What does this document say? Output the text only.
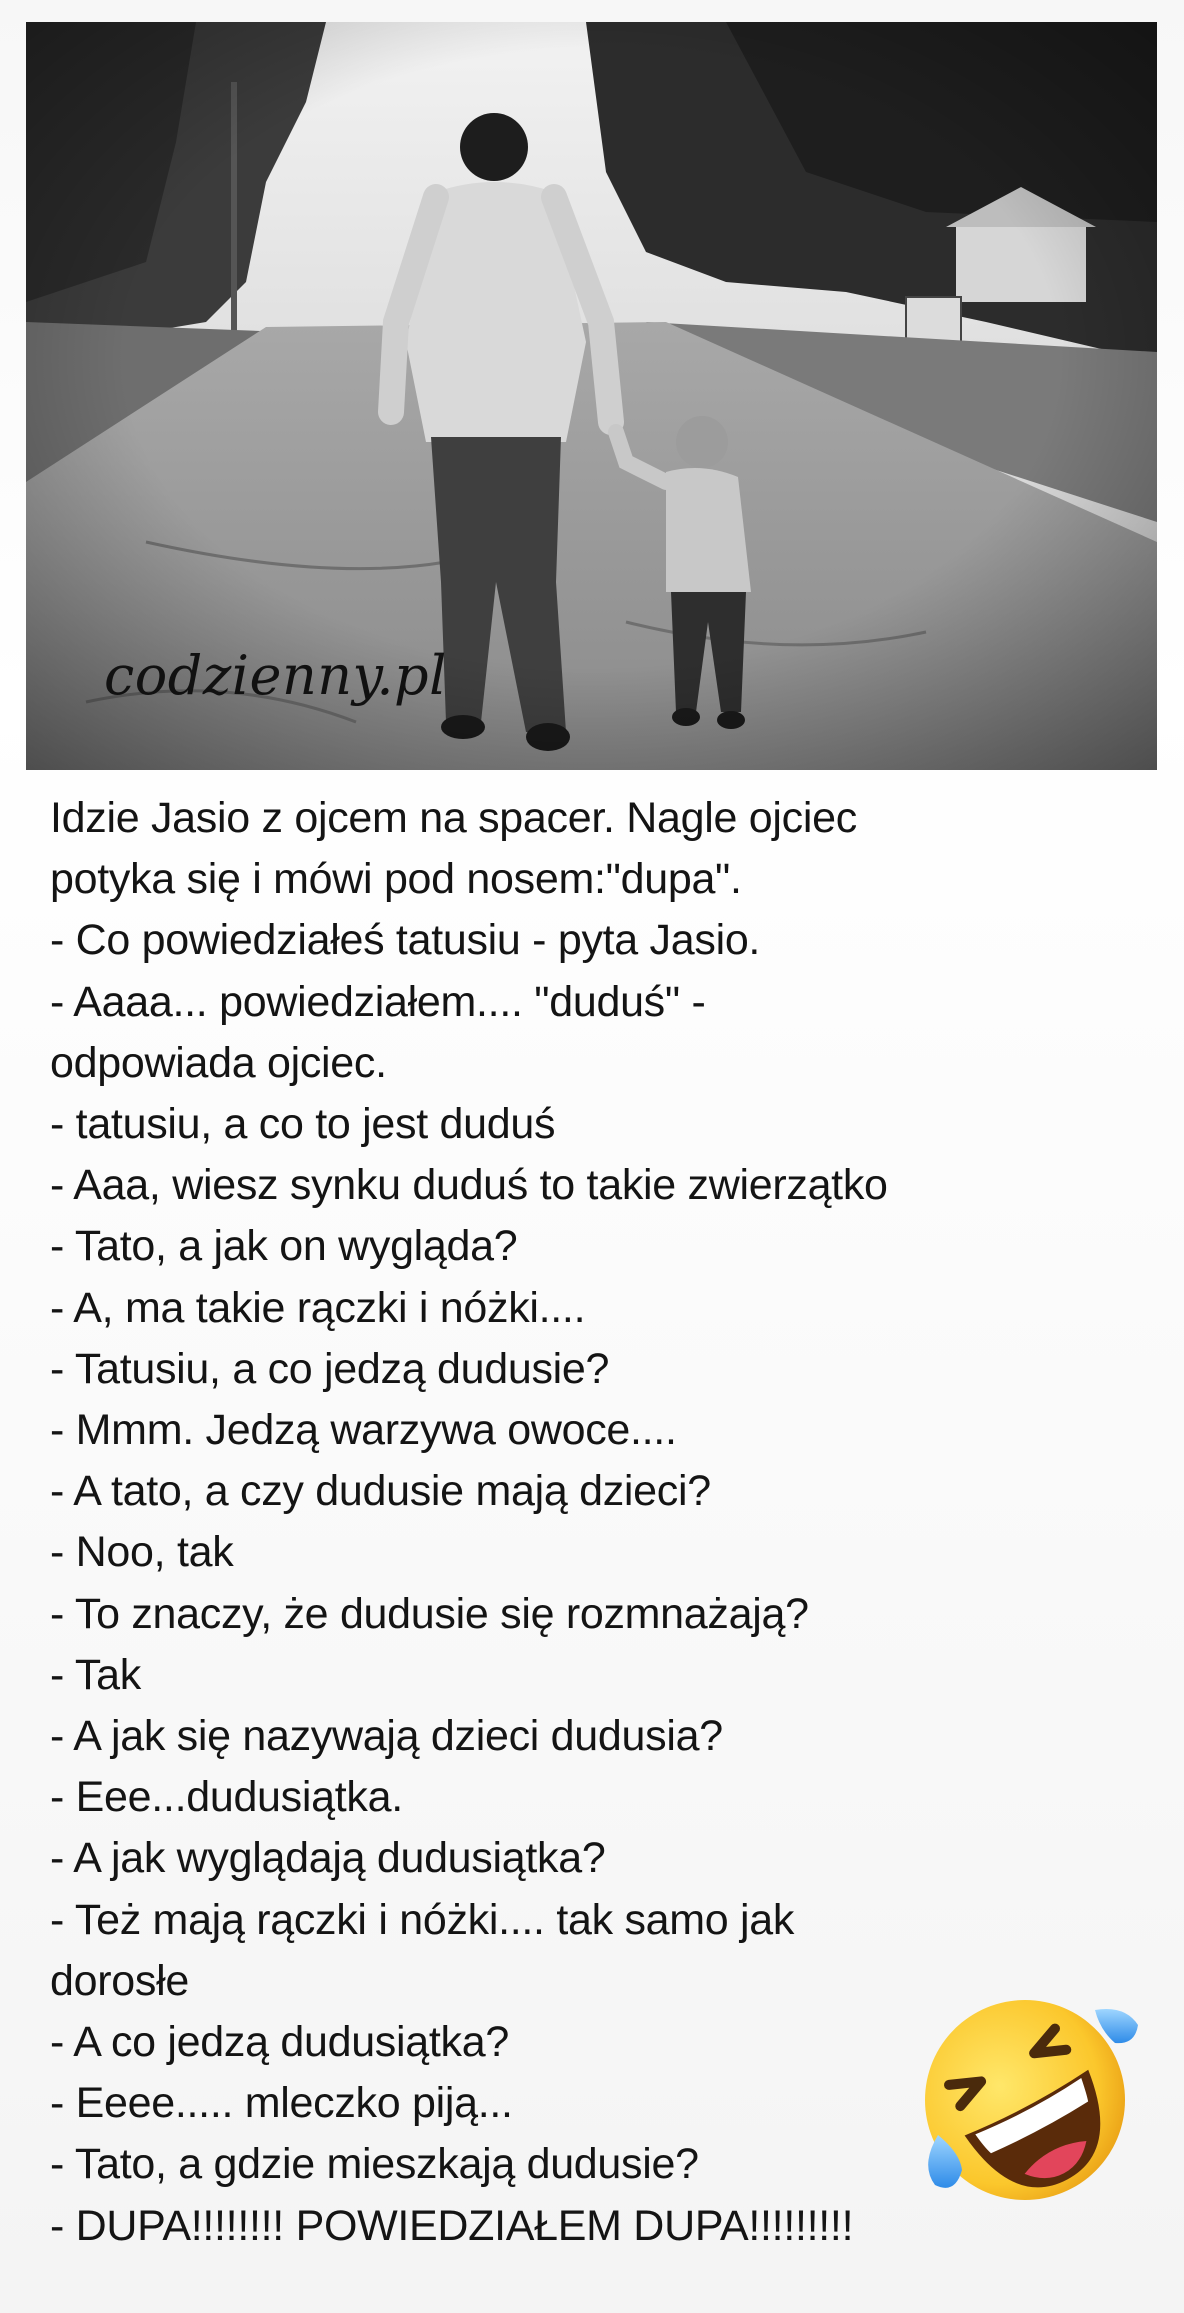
codzienny.pl
Idzie Jasio z ojcem na spacer. Nagle ojciec
potyka się i mówi pod nosem:"dupa".
- Co powiedziałeś tatusiu - pyta Jasio.
- Aaaa... powiedziałem.... "duduś" -
odpowiada ojciec.
- tatusiu, a co to jest duduś
- Aaa, wiesz synku duduś to takie zwierzątko
- Tato, a jak on wygląda?
- A, ma takie rączki i nóżki....
- Tatusiu, a co jedzą dudusie?
- Mmm. Jedzą warzywa owoce....
- A tato, a czy dudusie mają dzieci?
- Noo, tak
- To znaczy, że dudusie się rozmnażają?
- Tak
- A jak się nazywają dzieci dudusia?
- Eee...dudusiątka.
- A jak wyglądają dudusiątka?
- Też mają rączki i nóżki.... tak samo jak
dorosłe
- A co jedzą dudusiątka?
- Eeee..... mleczko piją...
- Tato, a gdzie mieszkają dudusie?
- DUPA!!!!!!!! POWIEDZIAŁEM DUPA!!!!!!!!!
